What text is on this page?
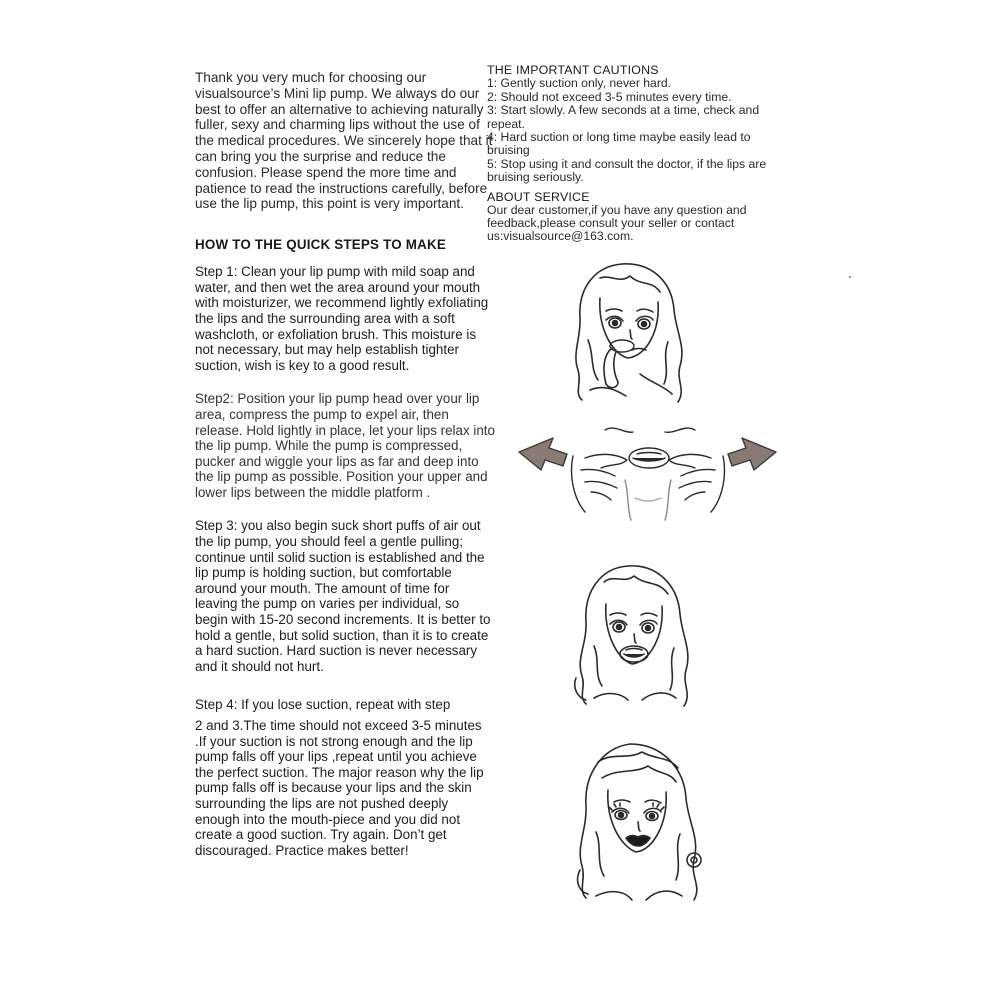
Thank you very much for choosing our visualsource’s Mini lip pump. We always do our best to offer an alternative to achieving naturally fuller, sexy and charming lips without the use of the medical procedures. We sincerely hope that it can bring you the surprise and reduce the confusion. Please spend the more time and patience to read the instructions carefully, before use the lip pump, this point is very important.

HOW TO THE QUICK STEPS TO MAKE

Step 1: Clean your lip pump with mild soap and water, and then wet the area around your mouth with moisturizer, we recommend lightly exfoliating the lips and the surrounding area with a soft washcloth, or exfoliation brush. This moisture is not necessary, but may help establish tighter suction, wish is key to a good result.

Step2: Position your lip pump head over your lip area, compress the pump to expel air, then release. Hold lightly in place, let your lips relax into the lip pump. While the pump is compressed, pucker and wiggle your lips as far and deep into the lip pump as possible. Position your upper and lower lips between the middle platform .

Step 3: you also begin suck short puffs of air out the lip pump, you should feel a gentle pulling; continue until solid suction is established and the lip pump is holding suction, but comfortable around your mouth. The amount of time for leaving the pump on varies per individual, so begin with 15-20 second increments. It is better to hold a gentle, but solid suction, than it is to create a hard suction. Hard suction is never necessary and it should not hurt.

Step 4: If you lose suction, repeat with step

2 and 3.The time should not exceed 3-5 minutes .If your suction is not strong enough and the lip pump falls off your lips ,repeat until you achieve the perfect suction. The major reason why the lip pump falls off is because your lips and the skin surrounding the lips are not pushed deeply enough into the mouth-piece and you did not create a good suction. Try again. Don’t get discouraged. Practice makes better!

THE IMPORTANT CAUTIONS

1: Gently suction only, never hard.

2: Should not exceed 3-5 minutes every time.

3: Start slowly. A few seconds at a time, check and repeat.

4: Hard suction or long time maybe easily lead to bruising

5: Stop using it and consult the doctor, if the lips are bruising seriously.

ABOUT SERVICE

Our dear customer,if you have any question and feedback,please consult your seller or contact us:visualsource@163.com.
